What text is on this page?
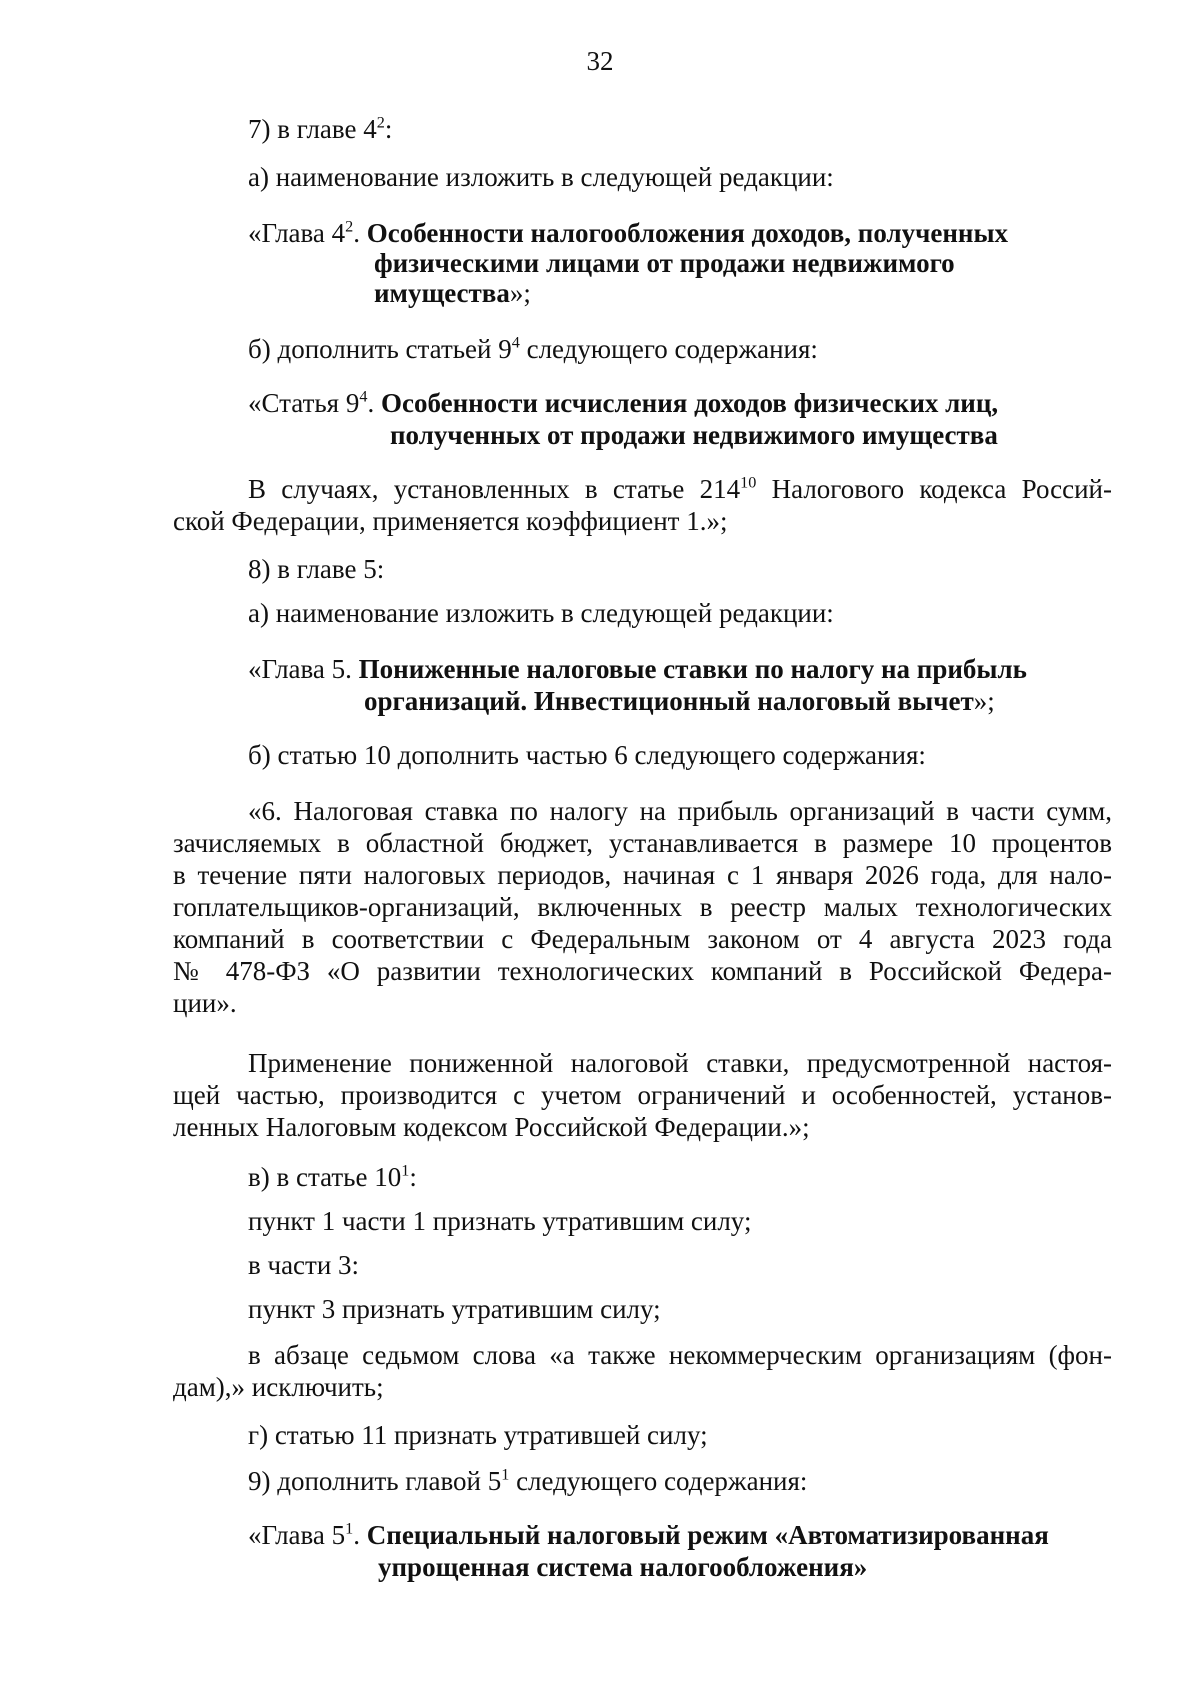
32
7) в главе $4^2$:
а) наименование изложить в следующей редакции:
«Глава $4^2$. Особенности налогообложения доходов, полученных
физическими лицами от продажи недвижимого
имущества»;
б) дополнить статьей $9^4$ следующего содержания:
«Статья $9^4$. Особенности исчисления доходов физических лиц,
полученных от продажи недвижимого имущества
В случаях, установленных в статье $214^{10}$ Налогового кодекса Россий-
ской Федерации, применяется коэффициент 1.»;
8) в главе 5:
а) наименование изложить в следующей редакции:
«Глава 5. Пониженные налоговые ставки по налогу на прибыль
организаций. Инвестиционный налоговый вычет»;
б) статью 10 дополнить частью 6 следующего содержания:
«6. Налоговая ставка по налогу на прибыль организаций в части сумм,
зачисляемых в областной бюджет, устанавливается в размере 10 процентов
в течение пяти налоговых периодов, начиная с 1 января 2026 года, для нало-
гоплательщиков-организаций, включенных в реестр малых технологических
компаний в соответствии с Федеральным законом от 4 августа 2023 года
№ 478-ФЗ «О развитии технологических компаний в Российской Федера-
ции».
Применение пониженной налоговой ставки, предусмотренной настоя-
щей частью, производится с учетом ограничений и особенностей, установ-
ленных Налоговым кодексом Российской Федерации.»;
в) в статье $10^1$:
пункт 1 части 1 признать утратившим силу;
в части 3:
пункт 3 признать утратившим силу;
в абзаце седьмом слова «а также некоммерческим организациям (фон-
дам),» исключить;
г) статью 11 признать утратившей силу;
9) дополнить главой $5^1$ следующего содержания:
«Глава $5^1$. Специальный налоговый режим «Автоматизированная
упрощенная система налогообложения»
